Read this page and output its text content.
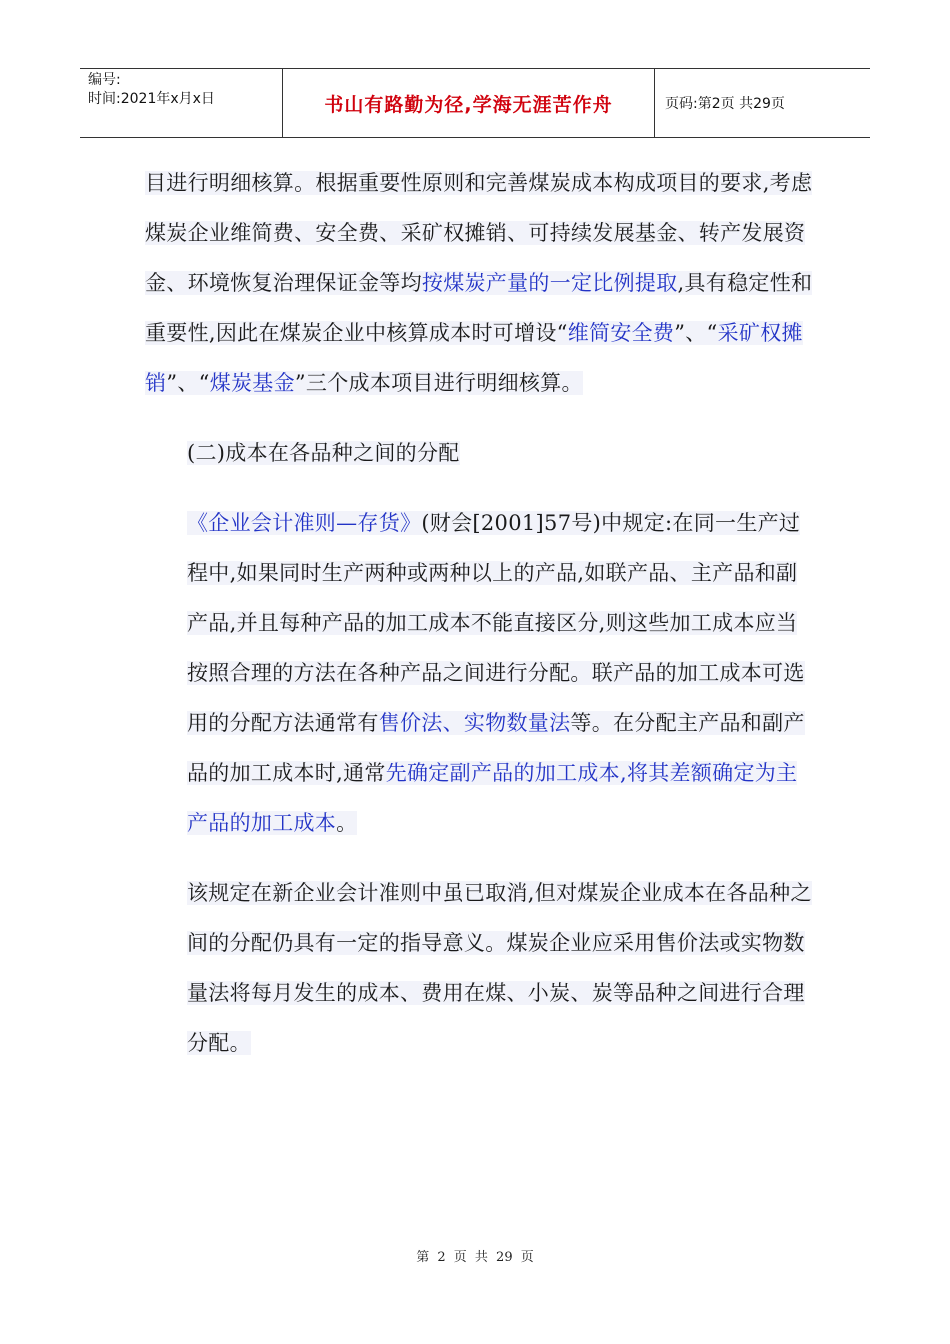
编号:
时间:2021年x月x日	书山有路勤为径,学海无涯苦作舟	页码:第2页 共29页

目进行明细核算。根据重要性原则和完善煤炭成本构成项目的要求,考虑煤炭企业维简费、安全费、采矿权摊销、可持续发展基金、转产发展资金、环境恢复治理保证金等均按煤炭产量的一定比例提取,具有稳定性和重要性,因此在煤炭企业中核算成本时可增设“维简安全费”、“采矿权摊销”、“煤炭基金”三个成本项目进行明细核算。

(二)成本在各品种之间的分配

《企业会计准则—存货》(财会[2001]57号)中规定:在同一生产过程中,如果同时生产两种或两种以上的产品,如联产品、主产品和副产品,并且每种产品的加工成本不能直接区分,则这些加工成本应当按照合理的方法在各种产品之间进行分配。联产品的加工成本可选用的分配方法通常有售价法、实物数量法等。在分配主产品和副产品的加工成本时,通常先确定副产品的加工成本,将其差额确定为主产品的加工成本。

该规定在新企业会计准则中虽已取消,但对煤炭企业成本在各品种之间的分配仍具有一定的指导意义。煤炭企业应采用售价法或实物数量法将每月发生的成本、费用在煤、小炭、炭等品种之间进行合理分配。

第 2 页 共 29 页
